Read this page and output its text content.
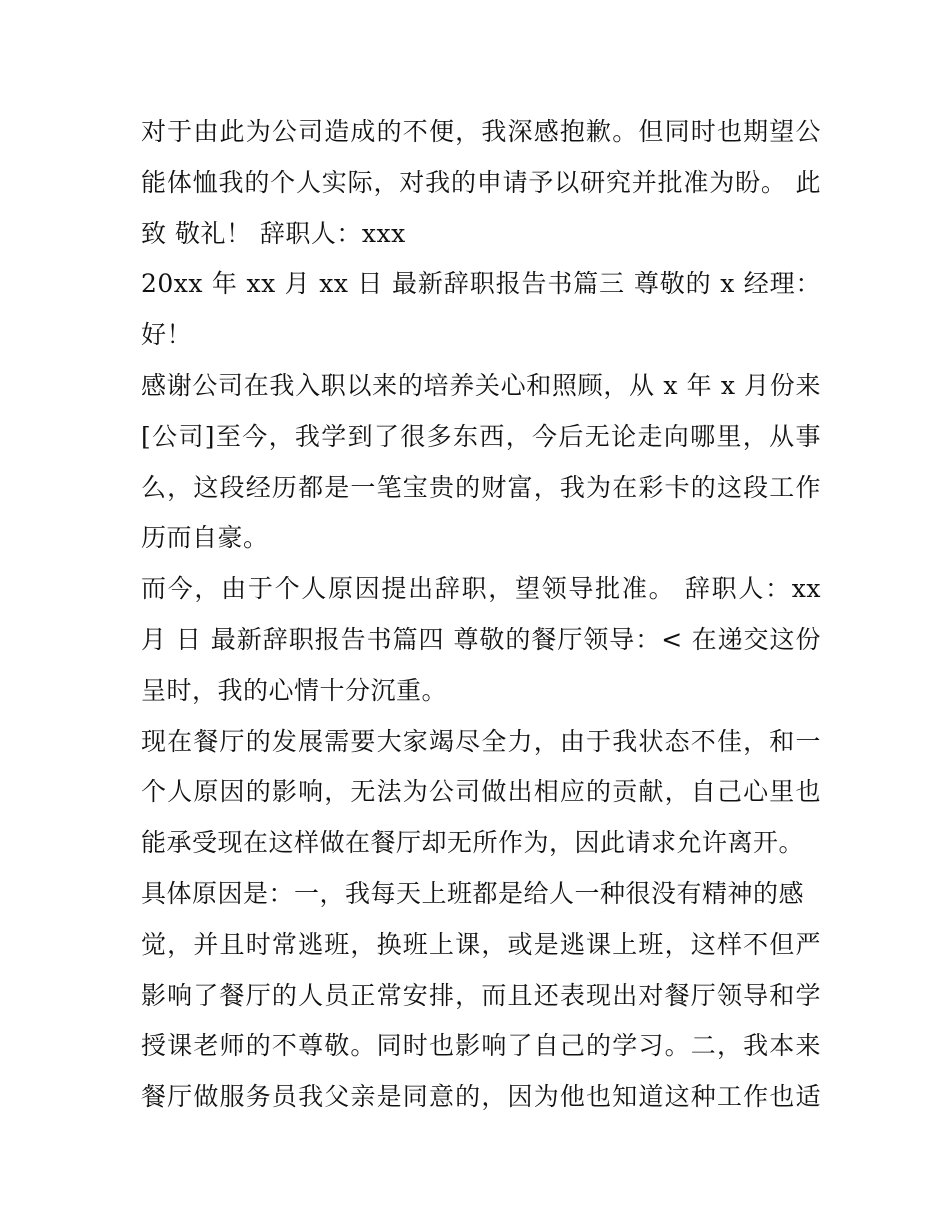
对于由此为公司造成的不便，我深感抱歉。但同时也期望公
能体恤我的个人实际，对我的申请予以研究并批准为盼。 此
致 敬礼！ 辞职人：xxx
20xx 年 xx 月 xx 日 最新辞职报告书篇三 尊敬的 x 经理：
好！
感谢公司在我入职以来的培养关心和照顾，从 x 年 x 月份来
[公司]至今，我学到了很多东西，今后无论走向哪里，从事
么，这段经历都是一笔宝贵的财富，我为在彩卡的这段工作
历而自豪。
而今，由于个人原因提出辞职，望领导批准。 辞职人：xx
月 日 最新辞职报告书篇四 尊敬的餐厅领导：< 在递交这份
呈时，我的心情十分沉重。
现在餐厅的发展需要大家竭尽全力，由于我状态不佳，和一
个人原因的影响，无法为公司做出相应的贡献，自己心里也
能承受现在这样做在餐厅却无所作为，因此请求允许离开。
具体原因是：一，我每天上班都是给人一种很没有精神的感
觉，并且时常逃班，换班上课，或是逃课上班，这样不但严
影响了餐厅的人员正常安排，而且还表现出对餐厅领导和学
授课老师的不尊敬。同时也影响了自己的学习。二，我本来
餐厅做服务员我父亲是同意的，因为他也知道这种工作也适
